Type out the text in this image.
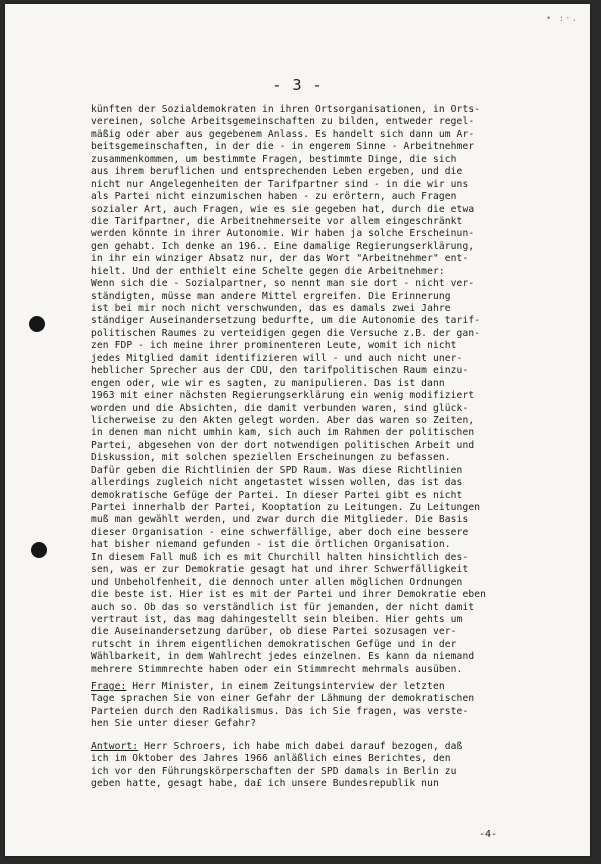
• :·.
- 3 -
künften der Sozialdemokraten in ihren Ortsorganisationen, in Orts-
vereinen, solche Arbeitsgemeinschaften zu bilden, entweder regel-
mäßig oder aber aus gegebenem Anlass. Es handelt sich dann um Ar-
beitsgemeinschaften, in der die - in engerem Sinne - Arbeitnehmer
zusammenkommen, um bestimmte Fragen, bestimmte Dinge, die sich
aus ihrem beruflichen und entsprechenden Leben ergeben, und die
nicht nur Angelegenheiten der Tarifpartner sind - in die wir uns
als Partei nicht einzumischen haben - zu erörtern, auch Fragen
sozialer Art, auch Fragen, wie es sie gegeben hat, durch die etwa
die Tarifpartner, die Arbeitnehmerseite vor allem eingeschränkt
werden könnte in ihrer Autonomie. Wir haben ja solche Erscheinun-
gen gehabt. Ich denke an 196.. Eine damalige Regierungserklärung,
in ihr ein winziger Absatz nur, der das Wort "Arbeitnehmer" ent-
hielt. Und der enthielt eine Schelte gegen die Arbeitnehmer:
Wenn sich die - Sozialpartner, so nennt man sie dort - nicht ver-
ständigten, müsse man andere Mittel ergreifen. Die Erinnerung
ist bei mir noch nicht verschwunden, das es damals zwei Jahre
ständiger Auseinandersetzung bedurfte, um die Autonomie des tarif-
politischen Raumes zu verteidigen gegen die Versuche z.B. der gan-
zen FDP - ich meine ihrer prominenteren Leute, womit ich nicht
jedes Mitglied damit identifizieren will - und auch nicht uner-
heblicher Sprecher aus der CDU, den tarifpolitischen Raum einzu-
engen oder, wie wir es sagten, zu manipulieren. Das ist dann
1963 mit einer nächsten Regierungserklärung ein wenig modifiziert
worden und die Absichten, die damit verbunden waren, sind glück-
licherweise zu den Akten gelegt worden. Aber das waren so Zeiten,
in denen man nicht umhin kam, sich auch im Rahmen der politischen
Partei, abgesehen von der dort notwendigen politischen Arbeit und
Diskussion, mit solchen speziellen Erscheinungen zu befassen.
Dafür geben die Richtlinien der SPD Raum. Was diese Richtlinien
allerdings zugleich nicht angetastet wissen wollen, das ist das
demokratische Gefüge der Partei. In dieser Partei gibt es nicht
Partei innerhalb der Partei, Kooptation zu Leitungen. Zu Leitungen
muß man gewählt werden, und zwar durch die Mitglieder. Die Basis
dieser Organisation - eine schwerfällige, aber doch eine bessere
hat bisher niemand gefunden - ist die örtlichen Organisation.
In diesem Fall muß ich es mit Churchill halten hinsichtlich des-
sen, was er zur Demokratie gesagt hat und ihrer Schwerfälligkeit
und Unbeholfenheit, die dennoch unter allen möglichen Ordnungen
die beste ist. Hier ist es mit der Partei und ihrer Demokratie eben
auch so. Ob das so verständlich ist für jemanden, der nicht damit
vertraut ist, das mag dahingestellt sein bleiben. Hier gehts um
die Auseinandersetzung darüber, ob diese Partei sozusagen ver-
rutscht in ihrem eigentlichen demokratischen Gefüge und in der
Wählbarkeit, in dem Wahlrecht jedes einzelnen. Es kann da niemand
mehrere Stimmrechte haben oder ein Stimmrecht mehrmals ausüben.
Frage: Herr Minister, in einem Zeitungsinterview der letzten
Tage sprachen Sie von einer Gefahr der Lähmung der demokratischen
Parteien durch den Radikalismus. Das ich Sie fragen, was verste-
hen Sie unter dieser Gefahr?
Antwort: Herr Schroers, ich habe mich dabei darauf bezogen, daß
ich im Oktober des Jahres 1966 anläßlich eines Berichtes, den
ich vor den Führungskörperschaften der SPD damals in Berlin zu
geben hatte, gesagt habe, da£ ich unsere Bundesrepublik nun
-4-
